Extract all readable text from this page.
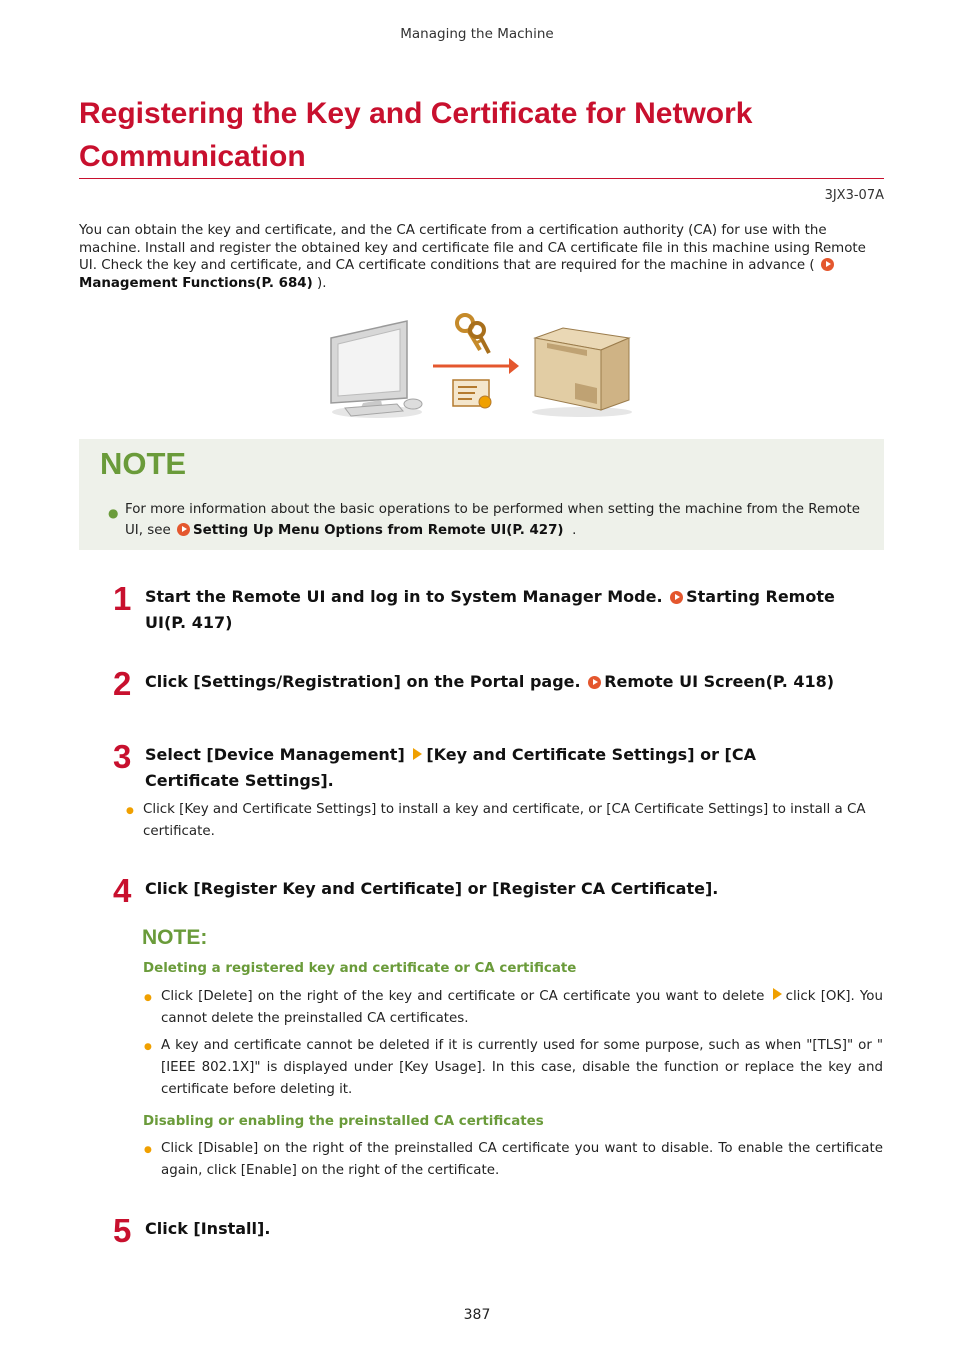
Managing the Machine
Registering the Key and Certificate for Network
Communication
3JX3-07A
You can obtain the key and certificate, and the CA certificate from a certification authority (CA) for use with the machine. Install and register the obtained key and certificate file and CA certificate file in this machine using Remote UI. Check the key and certificate, and CA certificate conditions that are required for the machine in advance ( Management Functions(P. 684) ).
NOTE
● For more information about the basic operations to be performed when setting the machine from the Remote UI, see Setting Up Menu Options from Remote UI(P. 427) .
1 Start the Remote UI and log in to System Manager Mode. Starting Remote UI(P. 417)
2 Click [Settings/Registration] on the Portal page. Remote UI Screen(P. 418)
3 Select [Device Management] [Key and Certificate Settings] or [CA Certificate Settings].
● Click [Key and Certificate Settings] to install a key and certificate, or [CA Certificate Settings] to install a CA certificate.
4 Click [Register Key and Certificate] or [Register CA Certificate].
NOTE:
Deleting a registered key and certificate or CA certificate
● Click [Delete] on the right of the key and certificate or CA certificate you want to delete click [OK]. You cannot delete the preinstalled CA certificates.
● A key and certificate cannot be deleted if it is currently used for some purpose, such as when "[TLS]" or "[IEEE 802.1X]" is displayed under [Key Usage]. In this case, disable the function or replace the key and certificate before deleting it.
Disabling or enabling the preinstalled CA certificates
● Click [Disable] on the right of the preinstalled CA certificate you want to disable. To enable the certificate again, click [Enable] on the right of the certificate.
5 Click [Install].
387
